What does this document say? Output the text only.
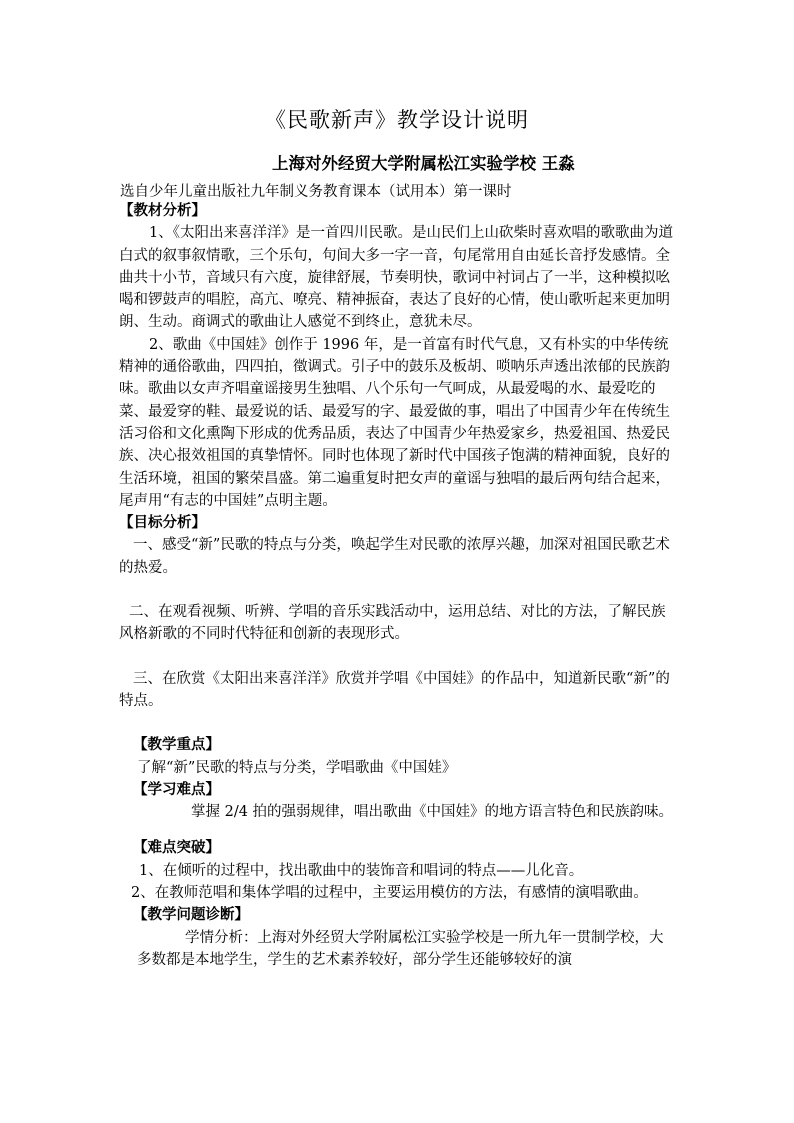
《民歌新声》教学设计说明
上海对外经贸大学附属松江实验学校 王淼
选自少年儿童出版社九年制义务教育课本（试用本）第一课时
【教材分析】

1、《太阳出来喜洋洋》是一首四川民歌。是山民们上山砍柴时喜欢唱的歌歌曲为道白式的叙事叙情歌，三个乐句，句间大多一字一音，句尾常用自由延长音抒发感情。全曲共十小节，音域只有六度，旋律舒展，节奏明快，歌词中衬词占了一半，这种模拟吆喝和锣鼓声的唱腔，高亢、嘹亮、精神振奋，表达了良好的心情，使山歌听起来更加明朗、生动。商调式的歌曲让人感觉不到终止，意犹未尽。

2、歌曲《中国娃》创作于 1996 年，是一首富有时代气息，又有朴实的中华传统精神的通俗歌曲，四四拍，徵调式。引子中的鼓乐及板胡、唢呐乐声透出浓郁的民族韵味。歌曲以女声齐唱童谣接男生独唱、八个乐句一气呵成，从最爱喝的水、最爱吃的菜、最爱穿的鞋、最爱说的话、最爱写的字、最爱做的事，唱出了中国青少年在传统生活习俗和文化熏陶下形成的优秀品质，表达了中国青少年热爱家乡，热爱祖国、热爱民族、决心报效祖国的真挚情怀。同时也体现了新时代中国孩子饱满的精神面貌，良好的生活环境，祖国的繁荣昌盛。第二遍重复时把女声的童谣与独唱的最后两句结合起来，尾声用“有志的中国娃”点明主题。

【目标分析】

一、感受“新”民歌的特点与分类，唤起学生对民歌的浓厚兴趣，加深对祖国民歌艺术的热爱。

二、在观看视频、听辨、学唱的音乐实践活动中，运用总结、对比的方法，了解民族风格新歌的不同时代特征和创新的表现形式。

三、在欣赏《太阳出来喜洋洋》欣赏并学唱《中国娃》的作品中，知道新民歌“新”的特点。

【教学重点】

了解“新”民歌的特点与分类，学唱歌曲《中国娃》

【学习难点】

掌握 2/4 拍的强弱规律，唱出歌曲《中国娃》的地方语言特色和民族韵味。

【难点突破】

1、在倾听的过程中，找出歌曲中的装饰音和唱词的特点——儿化音。

2、在教师范唱和集体学唱的过程中，主要运用模仿的方法，有感情的演唱歌曲。

【教学问题诊断】

学情分析：上海对外经贸大学附属松江实验学校是一所九年一贯制学校，大多数都是本地学生，学生的艺术素养较好，部分学生还能够较好的演
